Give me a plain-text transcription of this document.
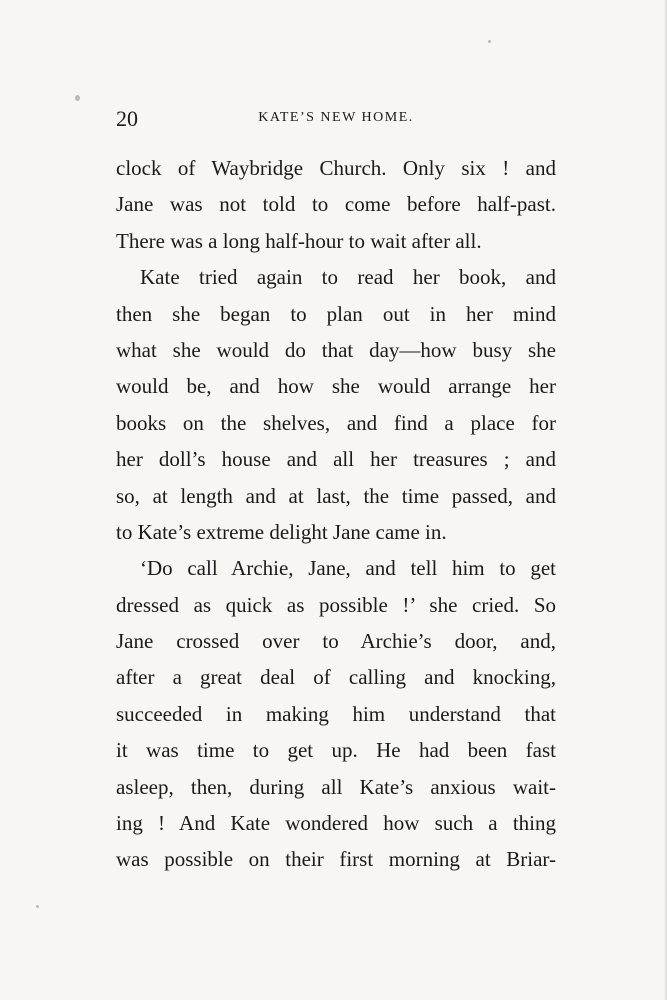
20	KATE’S NEW HOME.
clock of Waybridge Church. Only six ! and
Jane was not told to come before half-past.
There was a long half-hour to wait after all.
Kate tried again to read her book, and
then she began to plan out in her mind
what she would do that day—how busy she
would be, and how she would arrange her
books on the shelves, and find a place for
her doll’s house and all her treasures ; and
so, at length and at last, the time passed, and
to Kate’s extreme delight Jane came in.
‘Do call Archie, Jane, and tell him to get
dressed as quick as possible !’ she cried. So
Jane crossed over to Archie’s door, and,
after a great deal of calling and knocking,
succeeded in making him understand that
it was time to get up. He had been fast
asleep, then, during all Kate’s anxious wait-
ing ! And Kate wondered how such a thing
was possible on their first morning at Briar-
